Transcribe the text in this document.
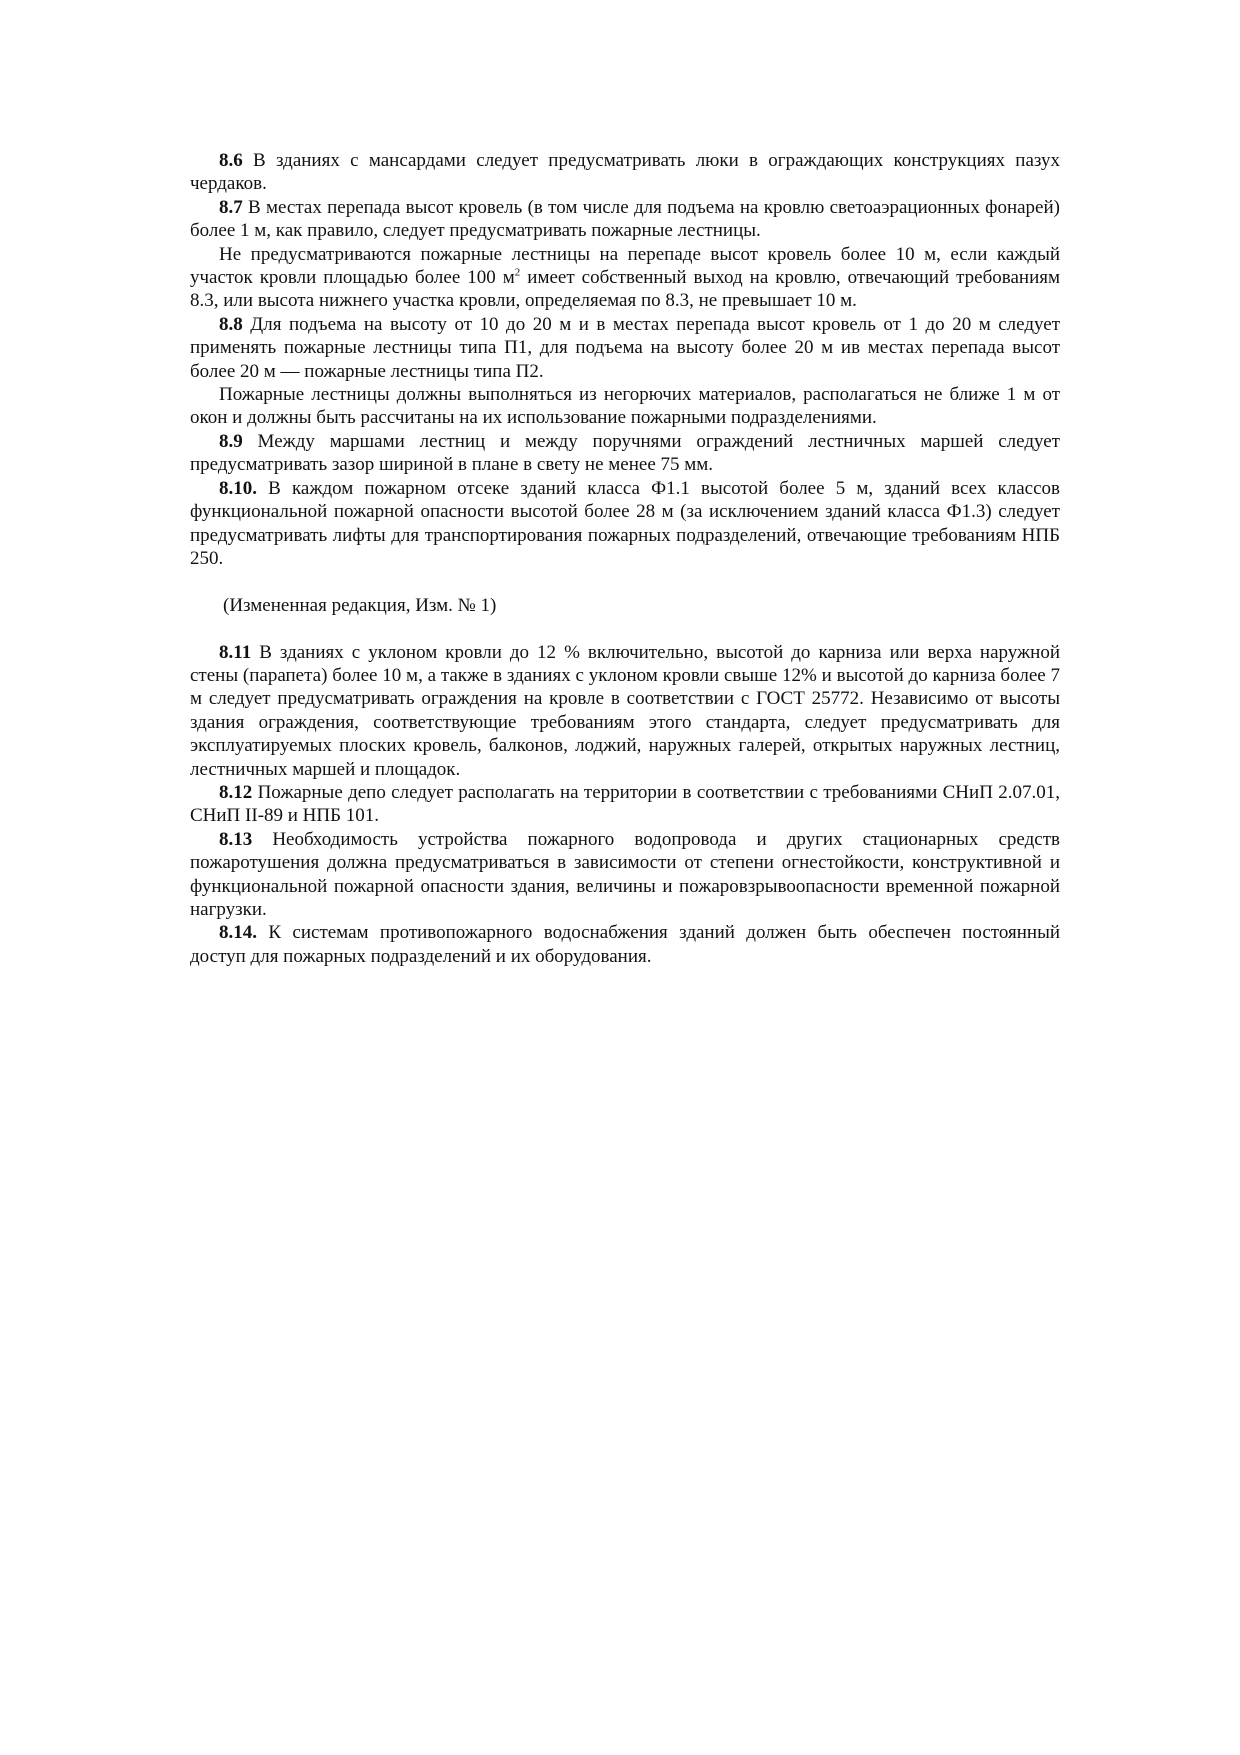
8.6 В зданиях с мансардами следует предусматривать люки в ограждающих конструкциях пазух чердаков.

8.7 В местах перепада высот кровель (в том числе для подъема на кровлю светоаэрационных фонарей) более 1 м, как правило, следует предусматривать пожарные лестницы.

Не предусматриваются пожарные лестницы на перепаде высот кровель более 10 м, если каждый участок кровли площадью более 100 $м^2$ имеет собственный выход на кровлю, отвечающий требованиям 8.3, или высота нижнего участка кровли, определяемая по 8.3, не превышает 10 м.

8.8 Для подъема на высоту от 10 до 20 м и в местах перепада высот кровель от 1 до 20 м следует применять пожарные лестницы типа П1, для подъема на высоту более 20 м ив местах перепада высот более 20 м — пожарные лестницы типа П2.

Пожарные лестницы должны выполняться из негорючих материалов, располагаться не ближе 1 м от окон и должны быть рассчитаны на их использование пожарными подразделениями.

8.9 Между маршами лестниц и между поручнями ограждений лестничных маршей следует предусматривать зазор шириной в плане в свету не менее 75 мм.

8.10. В каждом пожарном отсеке зданий класса Ф1.1 высотой более 5 м, зданий всех классов функциональной пожарной опасности высотой более 28 м (за исключением зданий класса Ф1.3) следует предусматривать лифты для транспортирования пожарных подразделений, отвечающие требованиям НПБ 250.

(Измененная редакция, Изм. № 1)

8.11 В зданиях с уклоном кровли до 12 % включительно, высотой до карниза или верха наружной стены (парапета) более 10 м, а также в зданиях с уклоном кровли свыше 12% и высотой до карниза более 7 м следует предусматривать ограждения на кровле в соответствии с ГОСТ 25772. Независимо от высоты здания ограждения, соответствующие требованиям этого стандарта, следует предусматривать для эксплуатируемых плоских кровель, балконов, лоджий, наружных галерей, открытых наружных лестниц, лестничных маршей и площадок.

8.12 Пожарные депо следует располагать на территории в соответствии с требованиями СНиП 2.07.01, СНиП II-89 и НПБ 101.

8.13 Необходимость устройства пожарного водопровода и других стационарных средств пожаротушения должна предусматриваться в зависимости от степени огнестойкости, конструктивной и функциональной пожарной опасности здания, величины и пожаровзрывоопасности временной пожарной нагрузки.

8.14. К системам противопожарного водоснабжения зданий должен быть обеспечен постоянный доступ для пожарных подразделений и их оборудования.
